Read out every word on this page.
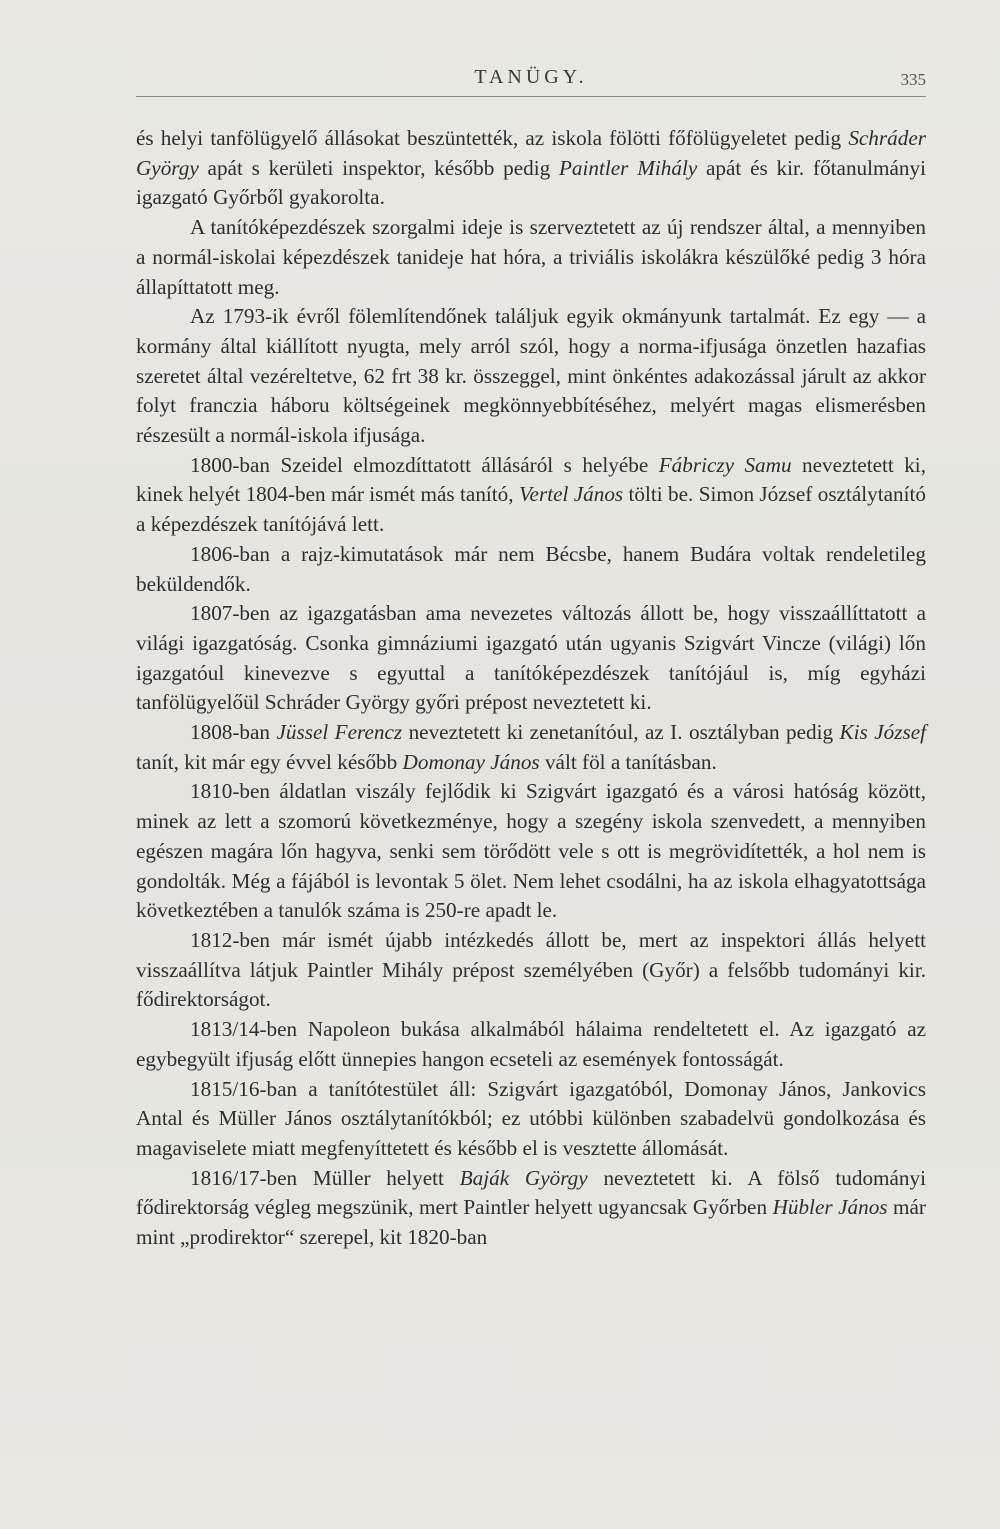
TANÜGY.	335

és helyi tanfölügyelő állásokat beszüntették, az iskola fölötti főfölügyeletet pedig Schráder György apát s kerületi inspektor, később pedig Paintler Mihály apát és kir. főtanulmányi igazgató Győrből gyakorolta.

A tanítóképezdészek szorgalmi ideje is szerveztetett az új rendszer által, a mennyiben a normál-iskolai képezdészek tanideje hat hóra, a triviális iskolákra készülőké pedig 3 hóra állapíttatott meg.

Az 1793-ik évről fölemlítendőnek találjuk egyik okmányunk tartalmát. Ez egy — a kormány által kiállított nyugta, mely arról szól, hogy a norma-ifjusága önzetlen hazafias szeretet által vezéreltetve, 62 frt 38 kr. összeggel, mint önkéntes adakozással járult az akkor folyt franczia háboru költségeinek megkönnyebbítéséhez, melyért magas elismerésben részesült a normál-iskola ifjusága.

1800-ban Szeidel elmozdíttatott állásáról s helyébe Fábriczy Samu neveztetett ki, kinek helyét 1804-ben már ismét más tanító, Vertel János tölti be. Simon József osztálytanító a képezdészek tanítójává lett.

1806-ban a rajz-kimutatások már nem Bécsbe, hanem Budára voltak rendeletileg beküldendők.

1807-ben az igazgatásban ama nevezetes változás állott be, hogy visszaállíttatott a világi igazgatóság. Csonka gimnáziumi igazgató után ugyanis Szigvárt Vincze (világi) lőn igazgatóul kinevezve s egyuttal a tanítóképezdészek tanítójául is, míg egyházi tanfölügyelőül Schráder György győri prépost neveztetett ki.

1808-ban Jüssel Ferencz neveztetett ki zenetanítóul, az I. osztályban pedig Kis József tanít, kit már egy évvel később Domonay János vált föl a tanításban.

1810-ben áldatlan viszály fejlődik ki Szigvárt igazgató és a városi hatóság között, minek az lett a szomorú következménye, hogy a szegény iskola szenvedett, a mennyiben egészen magára lőn hagyva, senki sem törődött vele s ott is megrövidítették, a hol nem is gondolták. Még a fájából is levontak 5 ölet. Nem lehet csodálni, ha az iskola elhagyatottsága következtében a tanulók száma is 250-re apadt le.

1812-ben már ismét újabb intézkedés állott be, mert az inspektori állás helyett visszaállítva látjuk Paintler Mihály prépost személyében (Győr) a felsőbb tudományi kir. fődirektorságot.

1813/14-ben Napoleon bukása alkalmából hálaima rendeltetett el. Az igazgató az egybegyült ifjuság előtt ünnepies hangon ecseteli az események fontosságát.

1815/16-ban a tanítótestület áll: Szigvárt igazgatóból, Domonay János, Jankovics Antal és Müller János osztálytanítókból; ez utóbbi különben szabadelvü gondolkozása és magaviselete miatt megfenyíttetett és később el is vesztette állomását.

1816/17-ben Müller helyett Baják György neveztetett ki. A fölső tudományi fődirektorság végleg megszünik, mert Paintler helyett ugyancsak Győrben Hübler János már mint „prodirektor“ szerepel, kit 1820-ban
